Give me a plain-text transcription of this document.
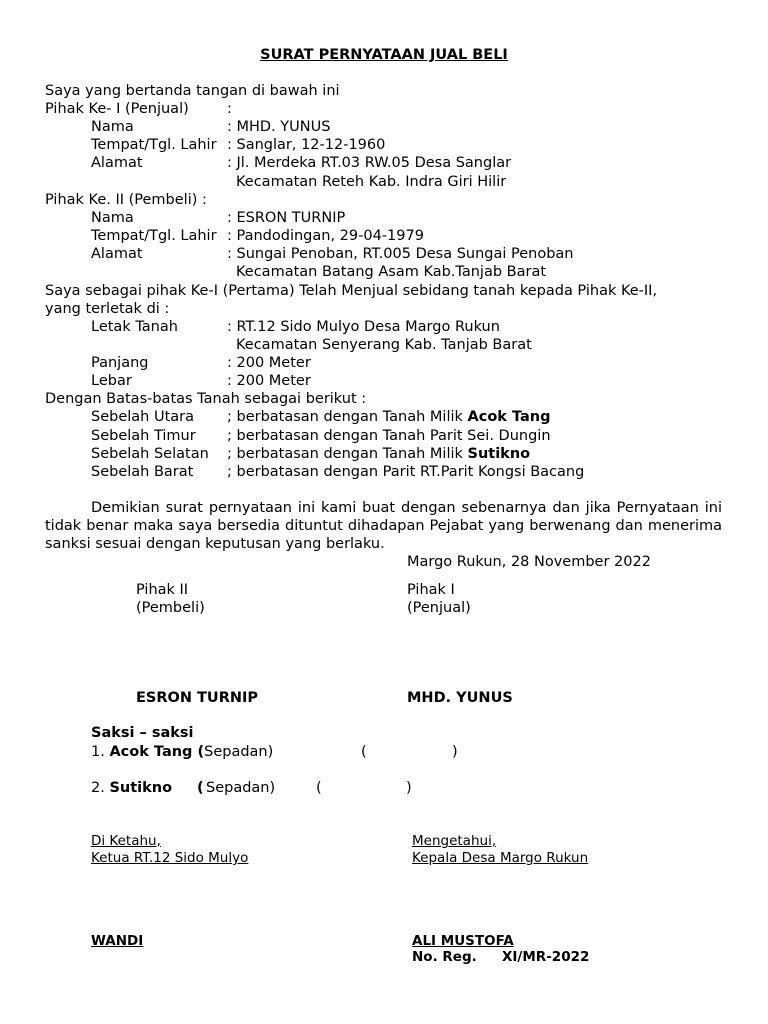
SURAT PERNYATAAN JUAL BELI
Saya yang bertanda tangan di bawah ini
Pihak Ke- I (Penjual)	:
Nama	: MHD. YUNUS
Tempat/Tgl. Lahir : Sanglar, 12-12-1960
Alamat	: Jl. Merdeka RT.03 RW.05 Desa Sanglar
Kecamatan Reteh Kab. Indra Giri Hilir
Pihak Ke. II (Pembeli) :
Nama	: ESRON TURNIP
Tempat/Tgl. Lahir : Pandodingan, 29-04-1979
Alamat	: Sungai Penoban, RT.005 Desa Sungai Penoban
Kecamatan Batang Asam Kab.Tanjab Barat
Saya sebagai pihak Ke-I (Pertama) Telah Menjual sebidang tanah kepada Pihak Ke-II,
yang terletak di :
Letak Tanah	: RT.12 Sido Mulyo Desa Margo Rukun
Kecamatan Senyerang Kab. Tanjab Barat
Panjang	: 200 Meter
Lebar	: 200 Meter
Dengan Batas-batas Tanah sebagai berikut :
Sebelah Utara ; berbatasan dengan Tanah Milik Acok Tang
Sebelah Timur ; berbatasan dengan Tanah Parit Sei. Dungin
Sebelah Selatan ; berbatasan dengan Tanah Milik Sutikno
Sebelah Barat ; berbatasan dengan Parit RT.Parit Kongsi Bacang
Demikian surat pernyataan ini kami buat dengan sebenarnya dan jika Pernyataan ini tidak benar maka saya bersedia dituntut dihadapan Pejabat yang berwenang dan menerima sanksi sesuai dengan keputusan yang berlaku.
Margo Rukun, 28 November 2022
Pihak II
(Pembeli)
Pihak I
(Penjual)
ESRON TURNIP	MHD. YUNUS
Saksi – saksi
1. Acok Tang (Sepadan)	(	)
2. Sutikno ( Sepadan)	(	)
Di Ketahu,
Ketua RT.12 Sido Mulyo
Mengetahui,
Kepala Desa Margo Rukun
WANDI	ALI MUSTOFA
No. Reg. XI/MR-2022
